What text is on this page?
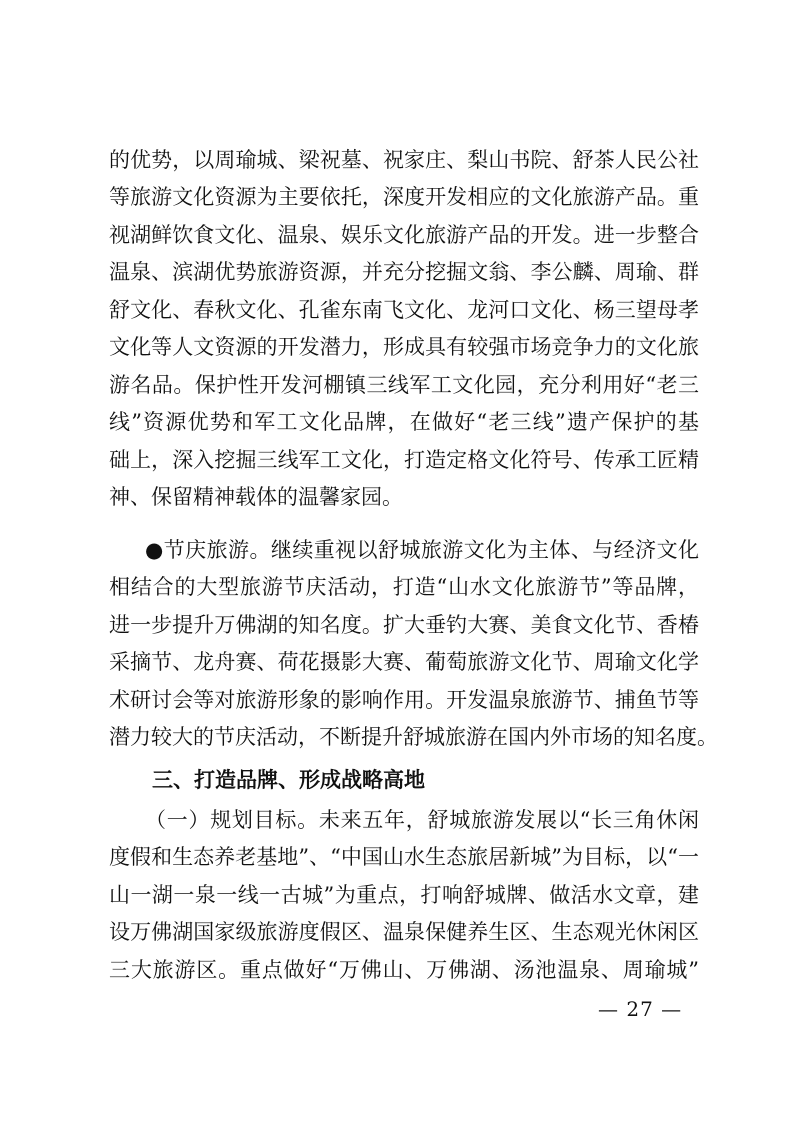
的优势，以周瑜城、梁祝墓、祝家庄、梨山书院、舒茶人民公社
等旅游文化资源为主要依托，深度开发相应的文化旅游产品。重
视湖鲜饮食文化、温泉、娱乐文化旅游产品的开发。进一步整合
温泉、滨湖优势旅游资源，并充分挖掘文翁、李公麟、周瑜、群
舒文化、春秋文化、孔雀东南飞文化、龙河口文化、杨三望母孝
文化等人文资源的开发潜力，形成具有较强市场竞争力的文化旅
游名品。保护性开发河棚镇三线军工文化园，充分利用好“老三
线”资源优势和军工文化品牌，在做好“老三线”遗产保护的基
础上，深入挖掘三线军工文化，打造定格文化符号、传承工匠精
神、保留精神载体的温馨家园。
●节庆旅游。继续重视以舒城旅游文化为主体、与经济文化
相结合的大型旅游节庆活动，打造“山水文化旅游节”等品牌，
进一步提升万佛湖的知名度。扩大垂钓大赛、美食文化节、香椿
采摘节、龙舟赛、荷花摄影大赛、葡萄旅游文化节、周瑜文化学
术研讨会等对旅游形象的影响作用。开发温泉旅游节、捕鱼节等
潜力较大的节庆活动，不断提升舒城旅游在国内外市场的知名度。
三、打造品牌、形成战略高地
（一）规划目标。未来五年，舒城旅游发展以“长三角休闲
度假和生态养老基地”、“中国山水生态旅居新城”为目标，以“一
山一湖一泉一线一古城”为重点，打响舒城牌、做活水文章，建
设万佛湖国家级旅游度假区、温泉保健养生区、生态观光休闲区
三大旅游区。重点做好“万佛山、万佛湖、汤池温泉、周瑜城”
— 27 —
